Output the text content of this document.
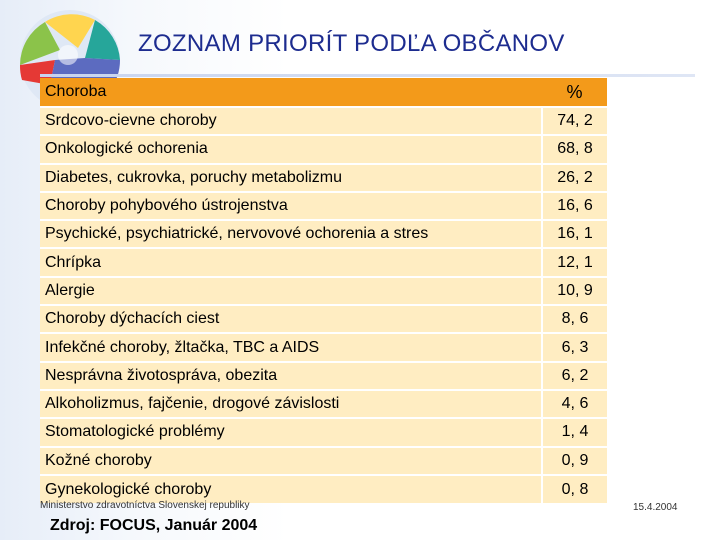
ZOZNAM PRIORÍT PODĽA OBČANOV
Choroba	%
Srdcovo-cievne choroby	74, 2
Onkologické ochorenia	68, 8
Diabetes, cukrovka, poruchy metabolizmu	26, 2
Choroby pohybového ústrojenstva	16, 6
Psychické, psychiatrické, nervovové ochorenia a stres	16, 1
Chrípka	12, 1
Alergie	10, 9
Choroby dýchacích ciest	8, 6
Infekčné choroby, žltačka, TBC a AIDS	6, 3
Nesprávna životospráva, obezita	6, 2
Alkoholizmus, fajčenie, drogové závislosti	4, 6
Stomatologické problémy	1, 4
Kožné choroby	0, 9
Gynekologické choroby	0, 8
Ministerstvo zdravotníctva Slovenskej republiky	15.4.2004
Zdroj: FOCUS, Január 2004
